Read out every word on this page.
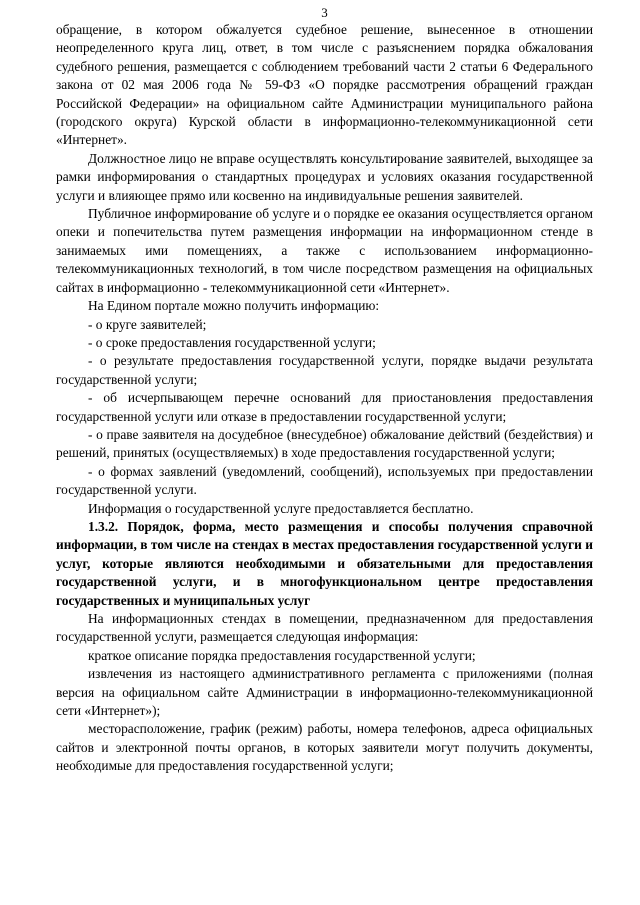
3

обращение, в котором обжалуется судебное решение, вынесенное в отношении неопределенного круга лиц, ответ, в том числе с разъяснением порядка обжалования судебного решения, размещается с соблюдением требований части 2 статьи 6 Федерального закона от 02 мая 2006 года № 59-ФЗ «О порядке рассмотрения обращений граждан Российской Федерации» на официальном сайте Администрации муниципального района (городского округа) Курской области в информационно-телекоммуникационной сети «Интернет».

Должностное лицо не вправе осуществлять консультирование заявителей, выходящее за рамки информирования о стандартных процедурах и условиях оказания государственной услуги и влияющее прямо или косвенно на индивидуальные решения заявителей.

Публичное информирование об услуге и о порядке ее оказания осуществляется органом опеки и попечительства путем размещения информации на информационном стенде в занимаемых ими помещениях, а также с использованием информационно-телекоммуникационных технологий, в том числе посредством размещения на официальных сайтах в информационно - телекоммуникационной сети «Интернет».

На Едином портале можно получить информацию:

- о круге заявителей;

- о сроке предоставления государственной услуги;

- о результате предоставления государственной услуги, порядке выдачи результата государственной услуги;

- об исчерпывающем перечне оснований для приостановления предоставления государственной услуги или отказе в предоставлении государственной услуги;

- о праве заявителя на досудебное (внесудебное) обжалование действий (бездействия) и решений, принятых (осуществляемых) в ходе предоставления государственной услуги;

- о формах заявлений (уведомлений, сообщений), используемых при предоставлении государственной услуги.

Информация о государственной услуге предоставляется бесплатно.

1.3.2. Порядок, форма, место размещения и способы получения справочной информации, в том числе на стендах в местах предоставления государственной услуги и услуг, которые являются необходимыми и обязательными для предоставления государственной услуги, и в многофункциональном центре предоставления государственных и муниципальных услуг

На информационных стендах в помещении, предназначенном для предоставления государственной услуги, размещается следующая информация:

краткое описание порядка предоставления государственной услуги;

извлечения из настоящего административного регламента с приложениями (полная версия на официальном сайте Администрации в информационно-телекоммуникационной сети «Интернет»);

месторасположение, график (режим) работы, номера телефонов, адреса официальных сайтов и электронной почты органов, в которых заявители могут получить документы, необходимые для предоставления государственной услуги;
